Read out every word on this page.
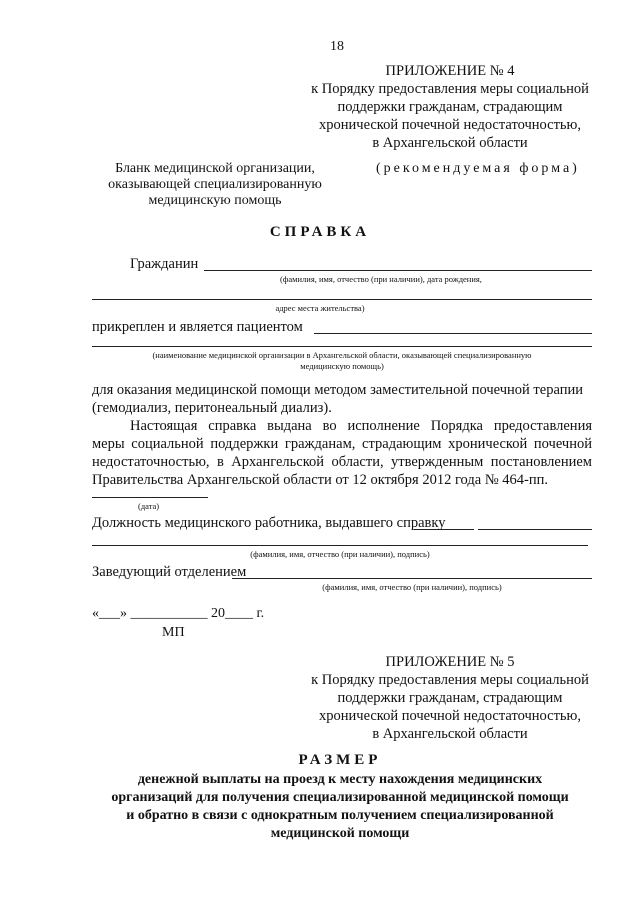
18
ПРИЛОЖЕНИЕ № 4
к Порядку предоставления меры социальной
поддержки гражданам, страдающим
хронической почечной недостаточностью,
в Архангельской области
Бланк медицинской организации,
оказывающей специализированную
медицинскую помощь
(рекомендуемая форма)
СПРАВКА
Гражданин
(фамилия, имя, отчество (при наличии), дата рождения,
адрес места жительства)
прикреплен и является пациентом
(наименование медицинской организации в Архангельской области, оказывающей специализированную
медицинскую помощь)
для оказания медицинской помощи методом заместительной почечной терапии
(гемодиализ, перитонеальный диализ).
Настоящая справка выдана во исполнение Порядка предоставления
меры социальной поддержки гражданам, страдающим хронической почечной
недостаточностью, в Архангельской области, утвержденным постановлением
Правительства Архангельской области от 12 октября 2012 года № 464-пп.
(дата)
Должность медицинского работника, выдавшего справку
(фамилия, имя, отчество (при наличии), подпись)
Заведующий отделением
(фамилия, имя, отчество (при наличии), подпись)
«___» ___________ 20____ г.
МП
ПРИЛОЖЕНИЕ № 5
к Порядку предоставления меры социальной
поддержки гражданам, страдающим
хронической почечной недостаточностью,
в Архангельской области
РАЗМЕР
денежной выплаты на проезд к месту нахождения медицинских
организаций для получения специализированной медицинской помощи
и обратно в связи с однократным получением специализированной
медицинской помощи
